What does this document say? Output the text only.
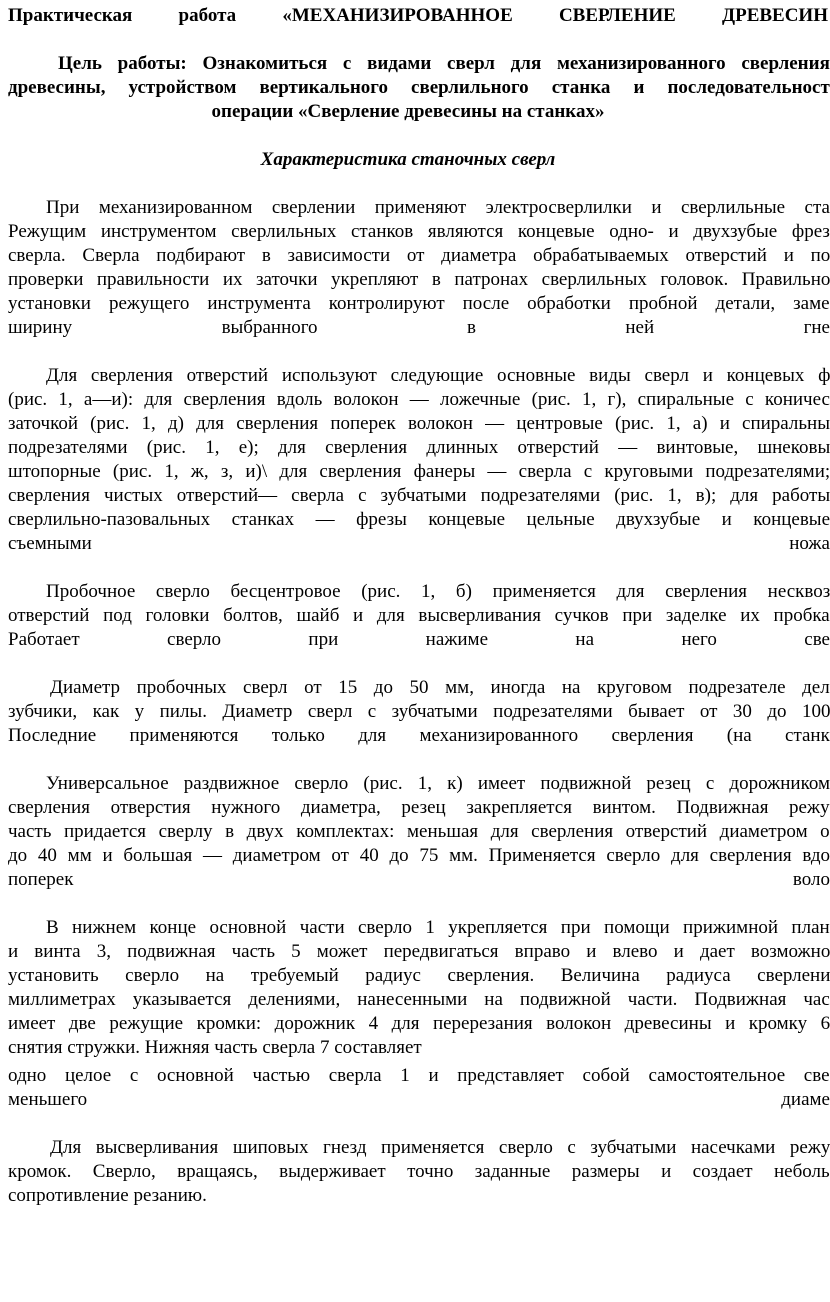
Практическая работа «МЕХАНИЗИРОВАННОЕ СВЕРЛЕНИЕ ДРЕВЕСИН
Цель работы: Ознакомиться с видами сверл для механизированного сверления
древесины, устройством вертикального сверлильного станка и последовательност
операции «Сверление древесины на станках»
Характеристика станочных сверл
При механизированном сверлении применяют электросверлилки и сверлильные ста
Режущим инструментом сверлильных станков являются концевые одно- и двухзубые фрез
сверла. Сверла подбирают в зависимости от диаметра обрабатываемых отверстий и по
проверки правильности их заточки укрепляют в патронах сверлильных головок. Правильно
установки режущего инструмента контролируют после обработки пробной детали, заме
ширину	выбранного	в	ней	гне
Для сверления отверстий используют следующие основные виды сверл и концевых ф
(рис. 1, а—и): для сверления вдоль волокон — ложечные (рис. 1, г), спиральные с коничес
заточкой (рис. 1, д) для сверления поперек волокон — центровые (рис. 1, а) и спиральны
подрезателями (рис. 1, е); для сверления длинных отверстий — винтовые, шнековы
штопорные (рис. 1, ж, з, и)\ для сверления фанеры — сверла с круговыми подрезателями;
сверления чистых отверстий— сверла с зубчатыми подрезателями (рис. 1, в); для работы
сверлильно-пазовальных станках — фрезы концевые цельные двухзубые и концевые
съемными	ножа
Пробочное сверло бесцентровое (рис. 1, б) применяется для сверления несквоз
отверстий под головки болтов, шайб и для высверливания сучков при заделке их пробка
Работает	сверло	при	нажиме	на	него	све
Диаметр пробочных сверл от 15 до 50 мм, иногда на круговом подрезателе дел
зубчики, как у пилы. Диаметр сверл с зубчатыми подрезателями бывает от 30 до 100
Последние применяются только для механизированного сверления (на станк
Универсальное раздвижное сверло (рис. 1, к) имеет подвижной резец с дорожником
сверления отверстия нужного диаметра, резец закрепляется винтом. Подвижная режу
часть придается сверлу в двух комплектах: меньшая для сверления отверстий диаметром о
до 40 мм и большая — диаметром от 40 до 75 мм. Применяется сверло для сверления вдо
поперек	воло
В нижнем конце основной части сверло 1 укрепляется при помощи прижимной план
и винта 3, подвижная часть 5 может передвигаться вправо и влево и дает возможно
установить сверло на требуемый радиус сверления. Величина радиуса сверлени
миллиметрах указывается делениями, нанесенными на подвижной части. Подвижная час
имеет две режущие кромки: дорожник 4 для перерезания волокон древесины и кромку 6
снятия стружки. Нижняя часть сверла 7 составляет
одно целое с основной частью сверла 1 и представляет собой самостоятельное све
меньшего	диаме
Для высверливания шиповых гнезд применяется сверло с зубчатыми насечками режу
кромок. Сверло, вращаясь, выдерживает точно заданные размеры и создает неболь
сопротивление резанию.
